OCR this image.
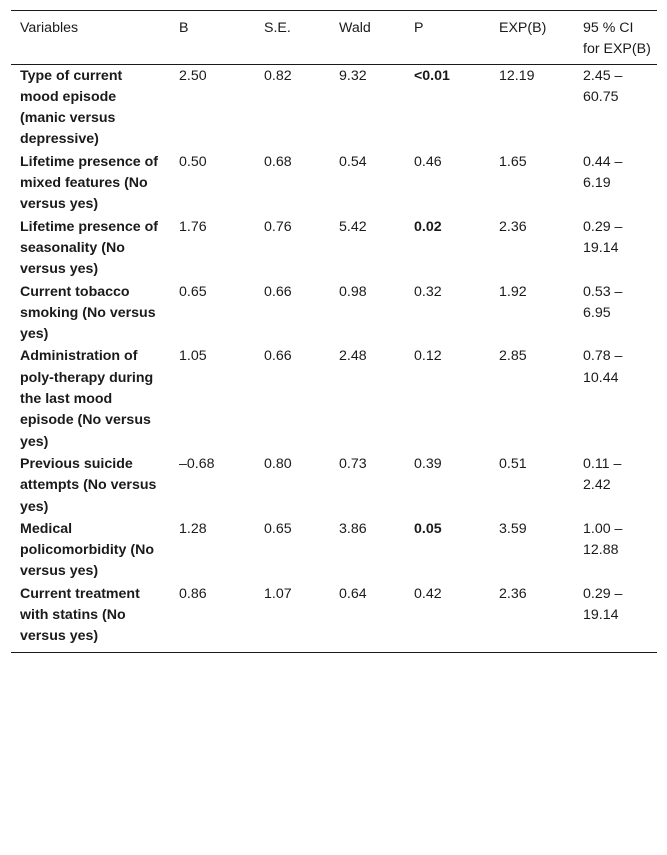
Variables	B	S.E.	Wald	P	EXP(B)	95 % CI for EXP(B)
Type of current mood episode (manic versus depressive)	2.50	0.82	9.32	<0.01	12.19	2.45 – 60.75
Lifetime presence of mixed features (No versus yes)	0.50	0.68	0.54	0.46	1.65	0.44 – 6.19
Lifetime presence of seasonality (No versus yes)	1.76	0.76	5.42	0.02	2.36	0.29 – 19.14
Current tobacco smoking (No versus yes)	0.65	0.66	0.98	0.32	1.92	0.53 – 6.95
Administration of poly-therapy during the last mood episode (No versus yes)	1.05	0.66	2.48	0.12	2.85	0.78 – 10.44
Previous suicide attempts (No versus yes)	–0.68	0.80	0.73	0.39	0.51	0.11 – 2.42
Medical policomorbidity (No versus yes)	1.28	0.65	3.86	0.05	3.59	1.00 – 12.88
Current treatment with statins (No versus yes)	0.86	1.07	0.64	0.42	2.36	0.29 – 19.14
